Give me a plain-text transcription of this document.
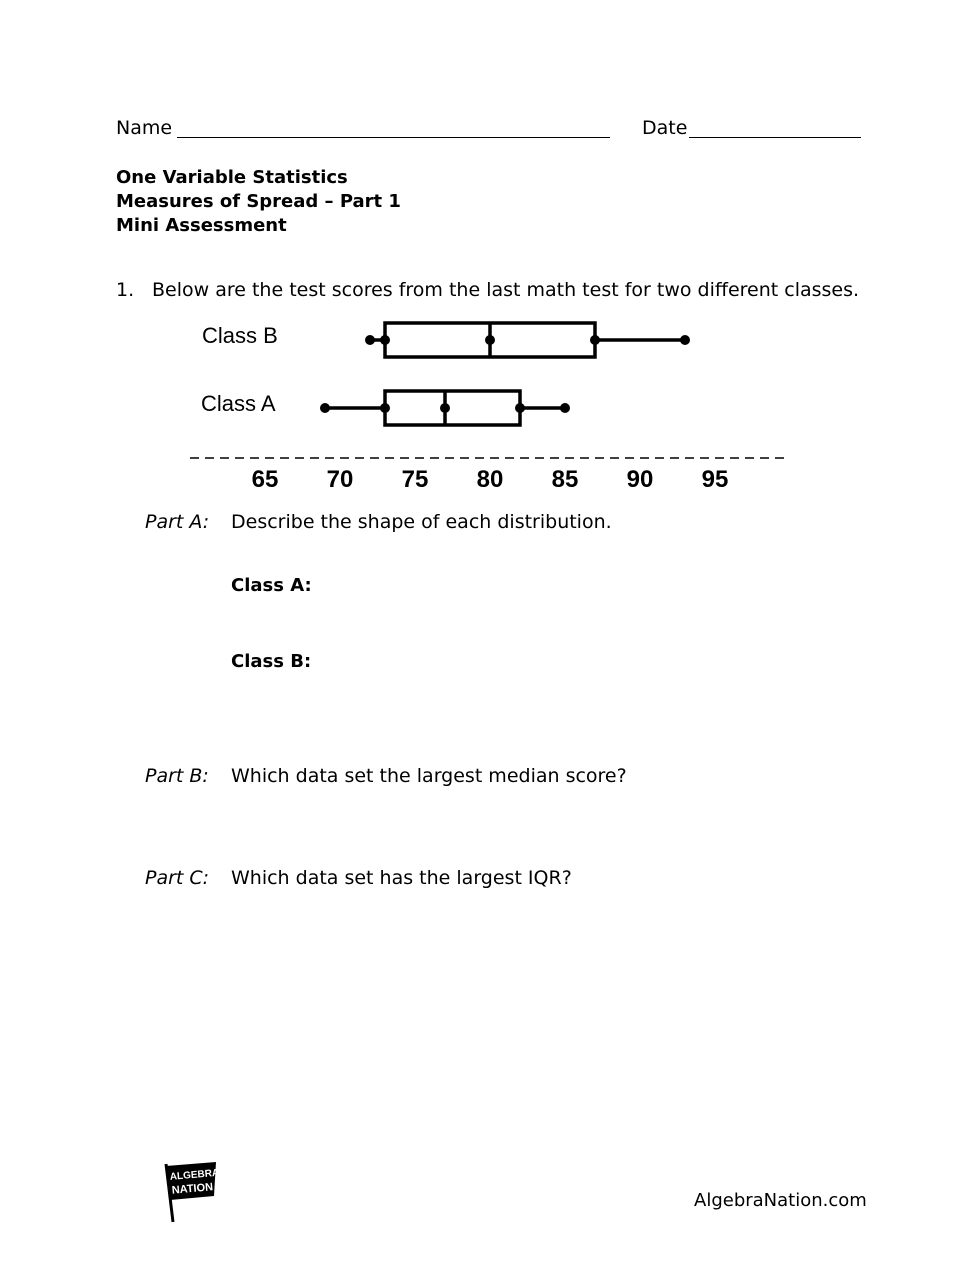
Name	Date
One Variable Statistics
Measures of Spread – Part 1
Mini Assessment
1. Below are the test scores from the last math test for two different classes.
Class B
Class A
65 70 75 80 85 90 95
Part A: Describe the shape of each distribution.
Class A:
Class B:
Part B: Which data set the largest median score?
Part C: Which data set has the largest IQR?
ALGEBRA
NATION
AlgebraNation.com
